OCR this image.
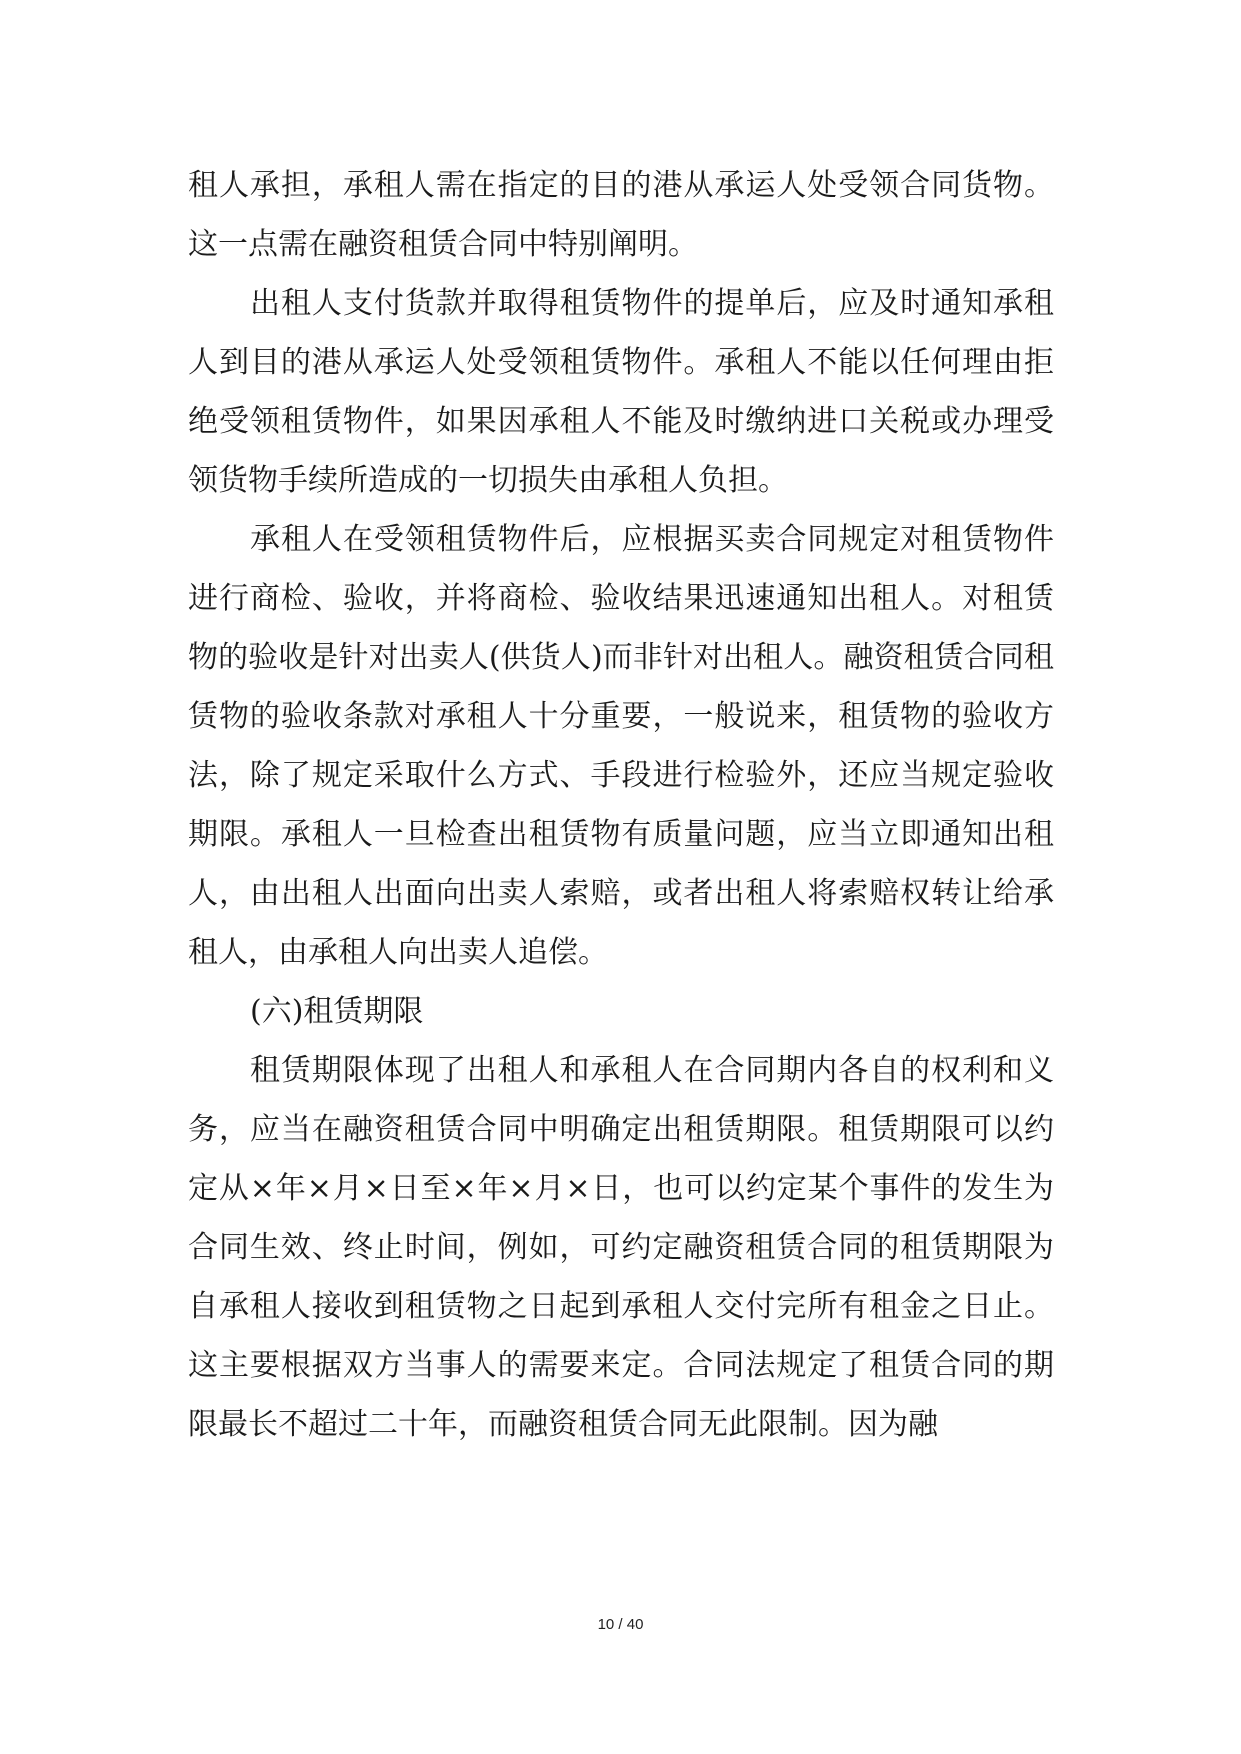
租人承担，承租人需在指定的目的港从承运人处受领合同货物。这一点需在融资租赁合同中特别阐明。

出租人支付货款并取得租赁物件的提单后，应及时通知承租人到目的港从承运人处受领租赁物件。承租人不能以任何理由拒绝受领租赁物件，如果因承租人不能及时缴纳进口关税或办理受领货物手续所造成的一切损失由承租人负担。

承租人在受领租赁物件后，应根据买卖合同规定对租赁物件进行商检、验收，并将商检、验收结果迅速通知出租人。对租赁物的验收是针对出卖人(供货人)而非针对出租人。融资租赁合同租赁物的验收条款对承租人十分重要，一般说来，租赁物的验收方法，除了规定采取什么方式、手段进行检验外，还应当规定验收期限。承租人一旦检查出租赁物有质量问题，应当立即通知出租人，由出租人出面向出卖人索赔，或者出租人将索赔权转让给承租人，由承租人向出卖人追偿。

(六)租赁期限

租赁期限体现了出租人和承租人在合同期内各自的权利和义务，应当在融资租赁合同中明确定出租赁期限。租赁期限可以约定从×年×月×日至×年×月×日，也可以约定某个事件的发生为合同生效、终止时间，例如，可约定融资租赁合同的租赁期限为自承租人接收到租赁物之日起到承租人交付完所有租金之日止。这主要根据双方当事人的需要来定。合同法规定了租赁合同的期限最长不超过二十年，而融资租赁合同无此限制。因为融

10 / 40
